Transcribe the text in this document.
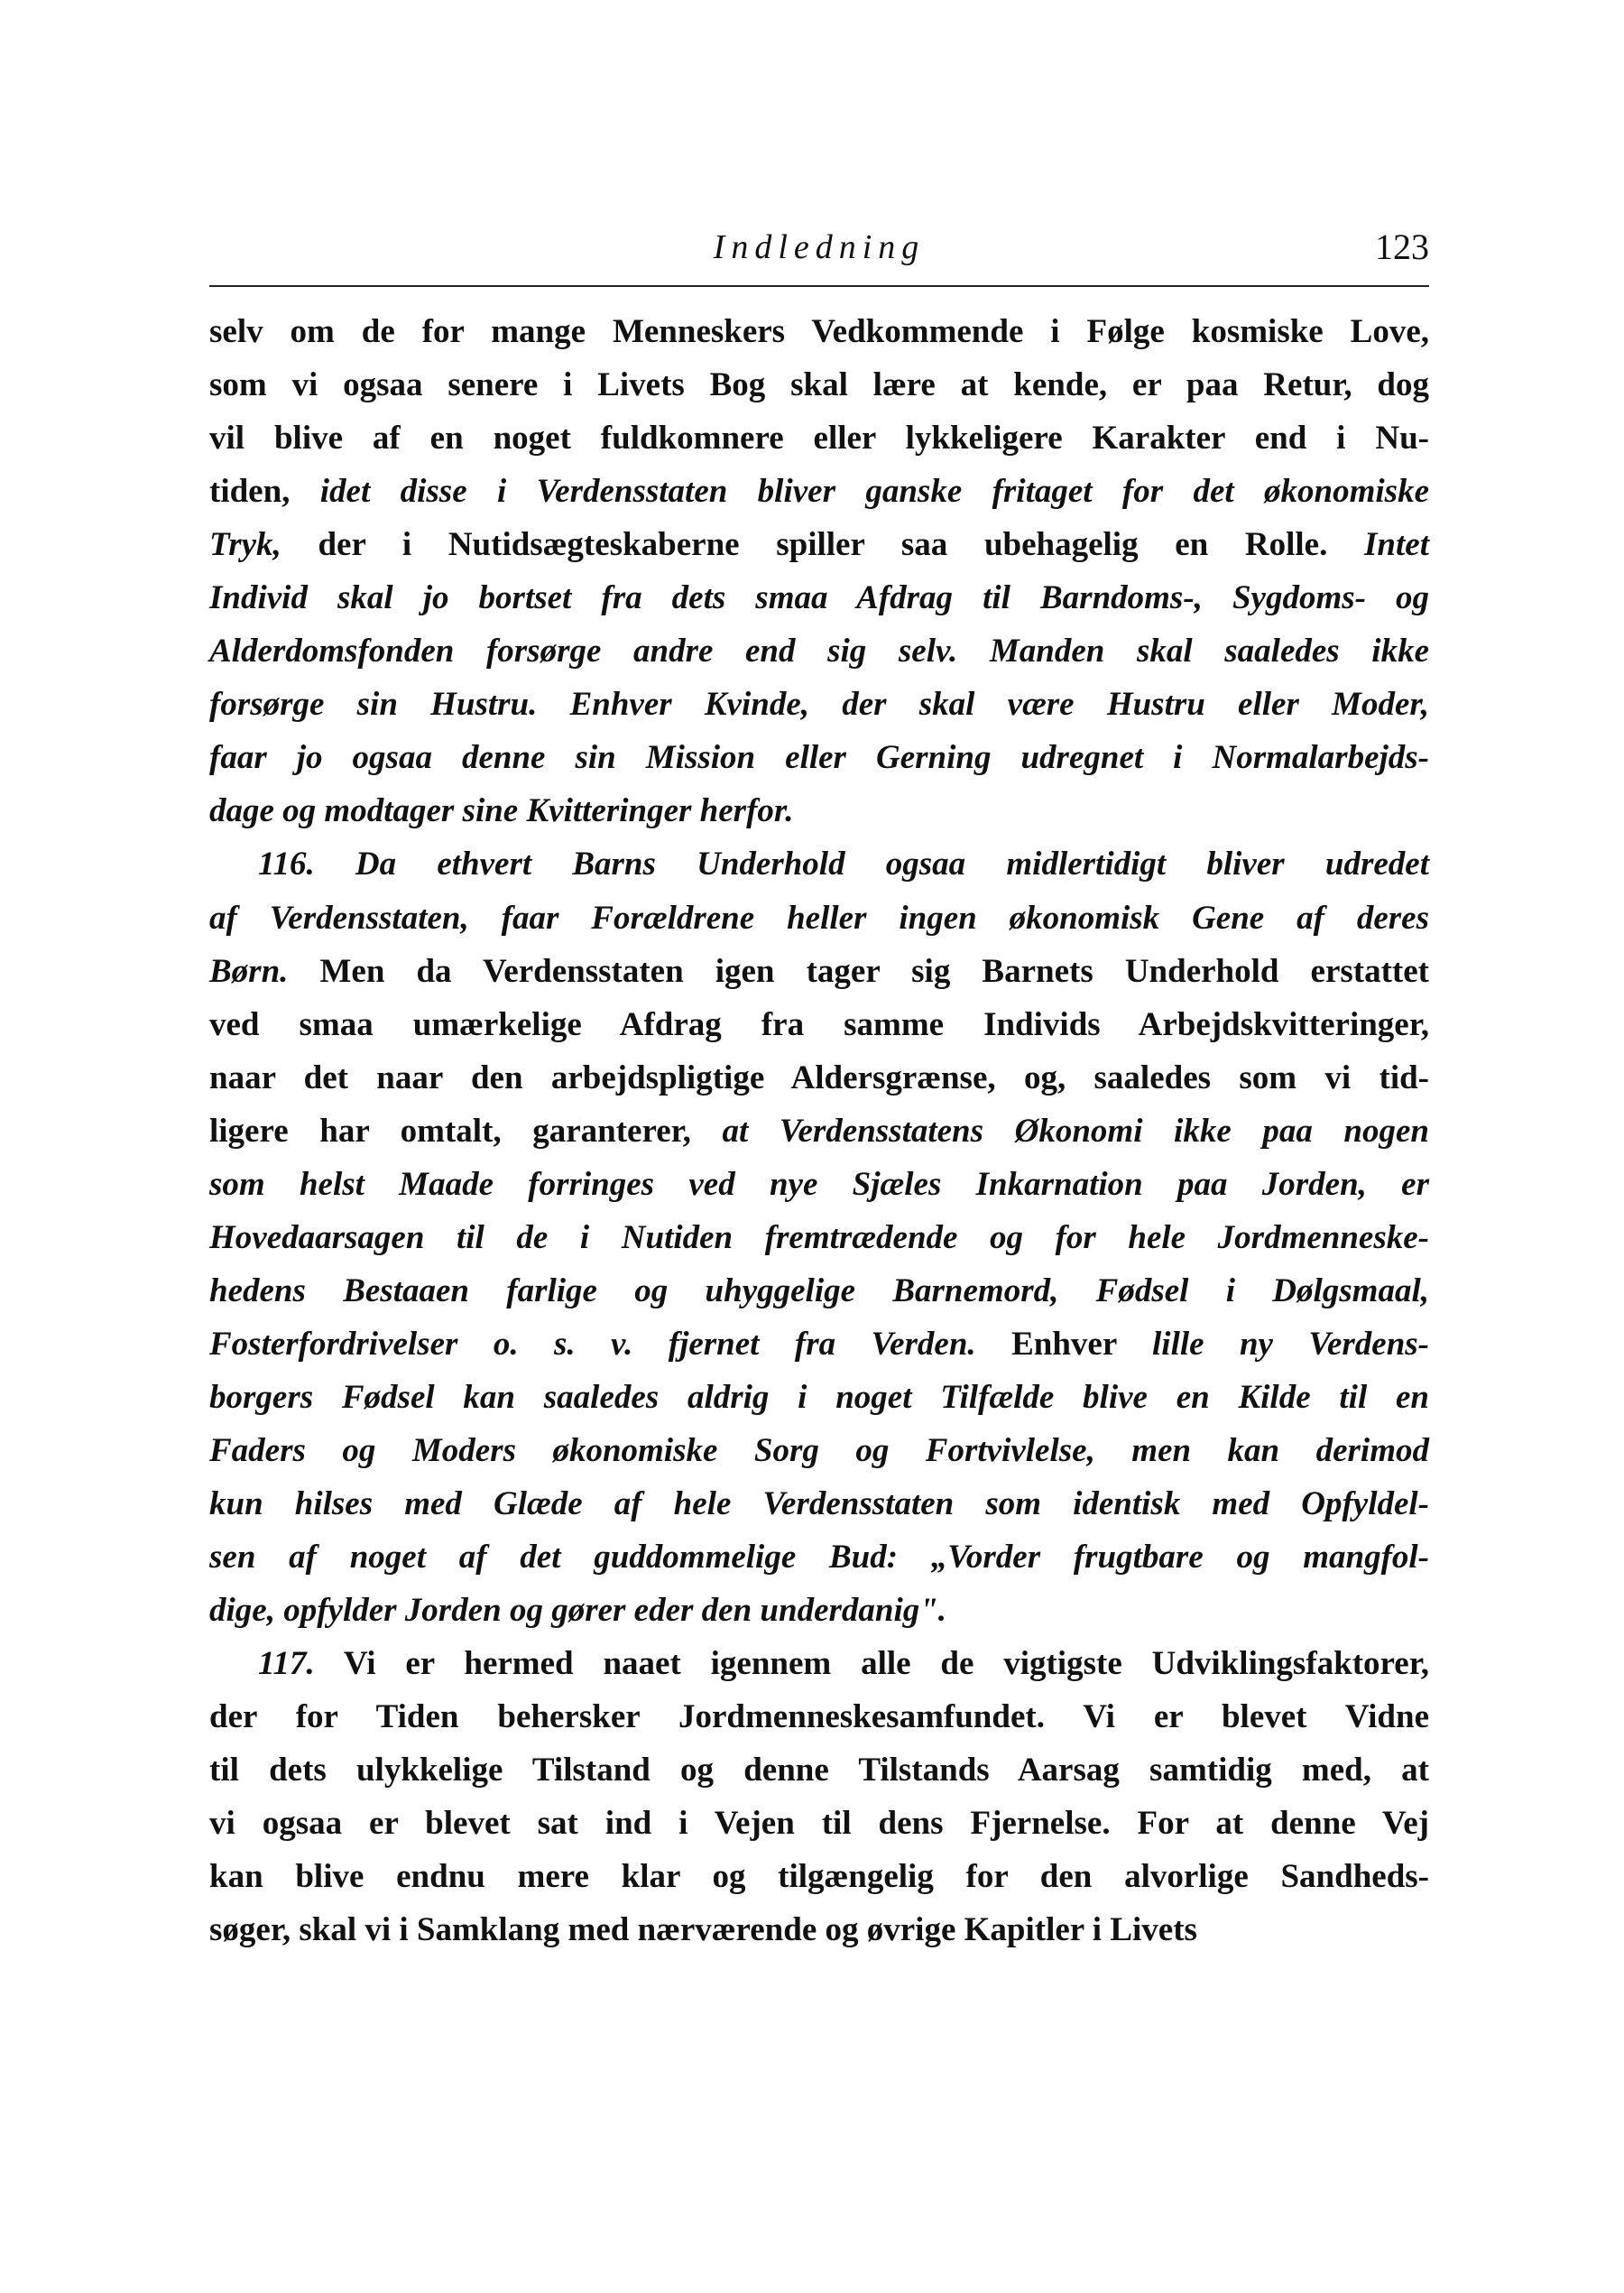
Indledning	123
selv om de for mange Menneskers Vedkommende i Følge kosmiske Love,
som vi ogsaa senere i Livets Bog skal lære at kende, er paa Retur, dog
vil blive af en noget fuldkomnere eller lykkeligere Karakter end i Nu-
tiden, idet disse i Verdensstaten bliver ganske fritaget for det økonomiske
Tryk, der i Nutidsægteskaberne spiller saa ubehagelig en Rolle. Intet
Individ skal jo bortset fra dets smaa Afdrag til Barndoms-, Sygdoms- og
Alderdomsfonden forsørge andre end sig selv. Manden skal saaledes ikke
forsørge sin Hustru. Enhver Kvinde, der skal være Hustru eller Moder,
faar jo ogsaa denne sin Mission eller Gerning udregnet i Normalarbejds-
dage og modtager sine Kvitteringer herfor.
116. Da ethvert Barns Underhold ogsaa midlertidigt bliver udredet
af Verdensstaten, faar Forældrene heller ingen økonomisk Gene af deres
Børn. Men da Verdensstaten igen tager sig Barnets Underhold erstattet
ved smaa umærkelige Afdrag fra samme Individs Arbejdskvitteringer,
naar det naar den arbejdspligtige Aldersgrænse, og, saaledes som vi tid-
ligere har omtalt, garanterer, at Verdensstatens Økonomi ikke paa nogen
som helst Maade forringes ved nye Sjæles Inkarnation paa Jorden, er
Hovedaarsagen til de i Nutiden fremtrædende og for hele Jordmenneske-
hedens Bestaaen farlige og uhyggelige Barnemord, Fødsel i Dølgsmaal,
Fosterfordrivelser o. s. v. fjernet fra Verden. Enhver lille ny Verdens-
borgers Fødsel kan saaledes aldrig i noget Tilfælde blive en Kilde til en
Faders og Moders økonomiske Sorg og Fortvivlelse, men kan derimod
kun hilses med Glæde af hele Verdensstaten som identisk med Opfyldel-
sen af noget af det guddommelige Bud: „Vorder frugtbare og mangfol-
dige, opfylder Jorden og gører eder den underdanig".
117. Vi er hermed naaet igennem alle de vigtigste Udviklingsfaktorer,
der for Tiden behersker Jordmenneskesamfundet. Vi er blevet Vidne
til dets ulykkelige Tilstand og denne Tilstands Aarsag samtidig med, at
vi ogsaa er blevet sat ind i Vejen til dens Fjernelse. For at denne Vej
kan blive endnu mere klar og tilgængelig for den alvorlige Sandheds-
søger, skal vi i Samklang med nærværende og øvrige Kapitler i Livets
